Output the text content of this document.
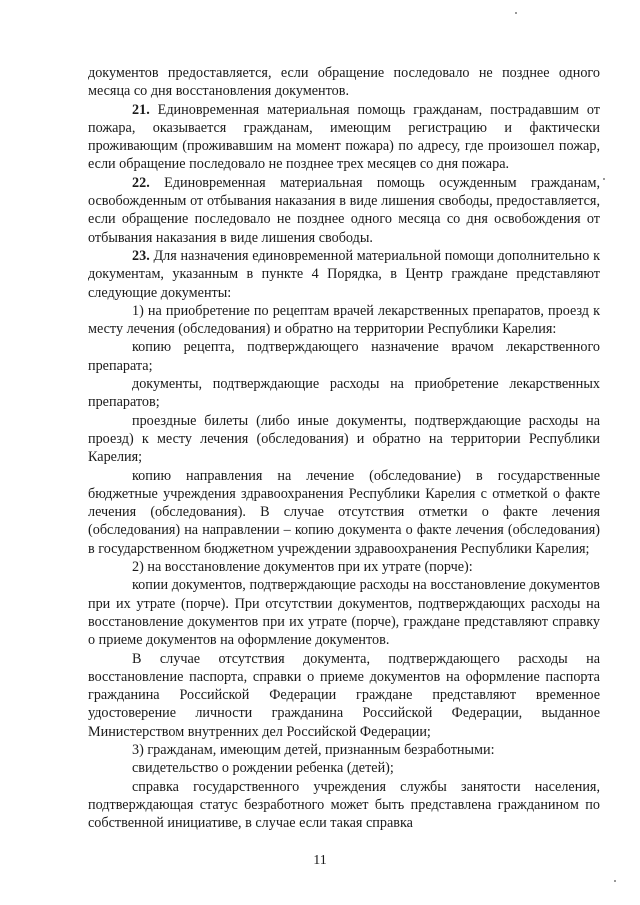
документов предоставляется, если обращение последовало не позднее одного месяца со дня восстановления документов.

21. Единовременная материальная помощь гражданам, пострадавшим от пожара, оказывается гражданам, имеющим регистрацию и фактически проживающим (проживавшим на момент пожара) по адресу, где произошел пожар, если обращение последовало не позднее трех месяцев со дня пожара.

22. Единовременная материальная помощь осужденным гражданам, освобожденным от отбывания наказания в виде лишения свободы, предоставляется, если обращение последовало не позднее одного месяца со дня освобождения от отбывания наказания в виде лишения свободы.

23. Для назначения единовременной материальной помощи дополнительно к документам, указанным в пункте 4 Порядка, в Центр граждане представляют следующие документы:

1) на приобретение по рецептам врачей лекарственных препаратов, проезд к месту лечения (обследования) и обратно на территории Республики Карелия:

копию рецепта, подтверждающего назначение врачом лекарственного препарата;

документы, подтверждающие расходы на приобретение лекарственных препаратов;

проездные билеты (либо иные документы, подтверждающие расходы на проезд) к месту лечения (обследования) и обратно на территории Республики Карелия;

копию направления на лечение (обследование) в государственные бюджетные учреждения здравоохранения Республики Карелия с отметкой о факте лечения (обследования). В случае отсутствия отметки о факте лечения (обследования) на направлении – копию документа о факте лечения (обследования) в государственном бюджетном учреждении здравоохранения Республики Карелия;

2) на восстановление документов при их утрате (порче):

копии документов, подтверждающие расходы на восстановление документов при их утрате (порче). При отсутствии документов, подтверждающих расходы на восстановление документов при их утрате (порче), граждане представляют справку о приеме документов на оформление документов.

В случае отсутствия документа, подтверждающего расходы на восстановление паспорта, справки о приеме документов на оформление паспорта гражданина Российской Федерации граждане представляют временное удостоверение личности гражданина Российской Федерации, выданное Министерством внутренних дел Российской Федерации;

3) гражданам, имеющим детей, признанным безработными:

свидетельство о рождении ребенка (детей);

справка государственного учреждения службы занятости населения, подтверждающая статус безработного может быть представлена гражданином по собственной инициативе, в случае если такая справка

11
